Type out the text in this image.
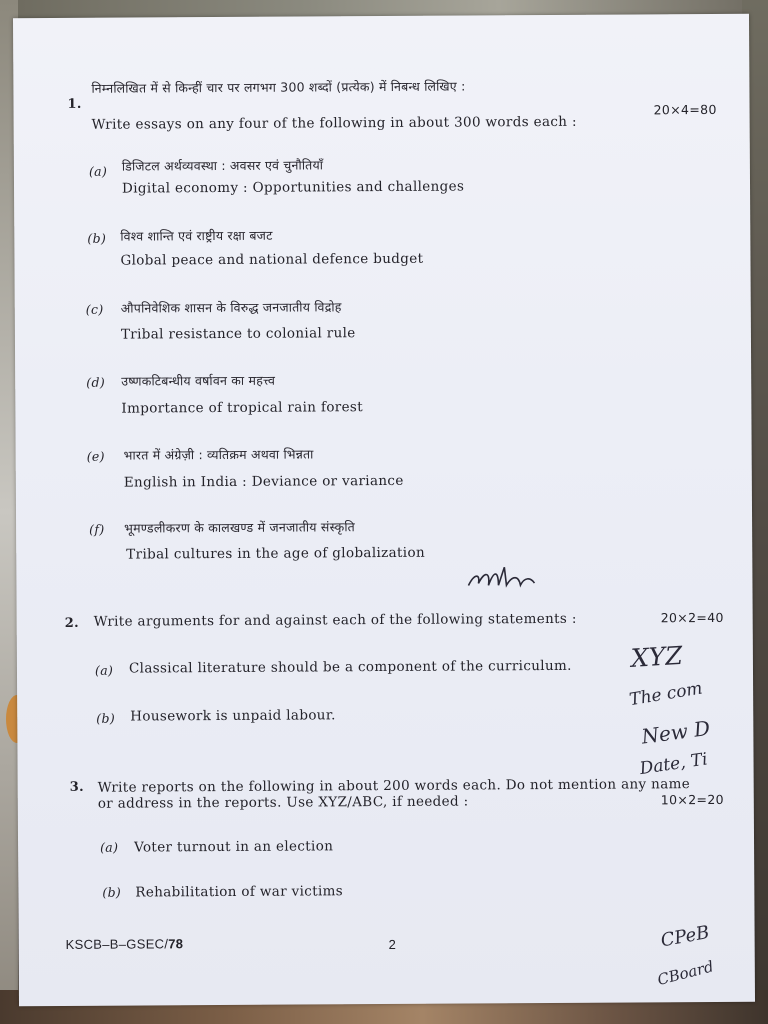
1.
निम्नलिखित में से किन्हीं चार पर लगभग 300 शब्दों (प्रत्येक) में निबन्ध लिखिए :
Write essays on any four of the following in about 300 words each :
20×4=80
(a) डिजिटल अर्थव्यवस्था : अवसर एवं चुनौतियाँ
Digital economy : Opportunities and challenges
(b) विश्व शान्ति एवं राष्ट्रीय रक्षा बजट
Global peace and national defence budget
(c) औपनिवेशिक शासन के विरुद्ध जनजातीय विद्रोह
Tribal resistance to colonial rule
(d) उष्णकटिबन्धीय वर्षावन का महत्त्व
Importance of tropical rain forest
(e) भारत में अंग्रेज़ी : व्यतिक्रम अथवा भिन्नता
English in India : Deviance or variance
(f) भूमण्डलीकरण के कालखण्ड में जनजातीय संस्कृति
Tribal cultures in the age of globalization
2. Write arguments for and against each of the following statements :	20×2=40
(a) Classical literature should be a component of the curriculum.
(b) Housework is unpaid labour.
XYZ
The com
New D
Date, Ti
3. Write reports on the following in about 200 words each. Do not mention any name
or address in the reports. Use XYZ/ABC, if needed :	10×2=20
(a) Voter turnout in an election
(b) Rehabilitation of war victims
KSCB–B–GSEC/78	2	CPeB
CBoard
